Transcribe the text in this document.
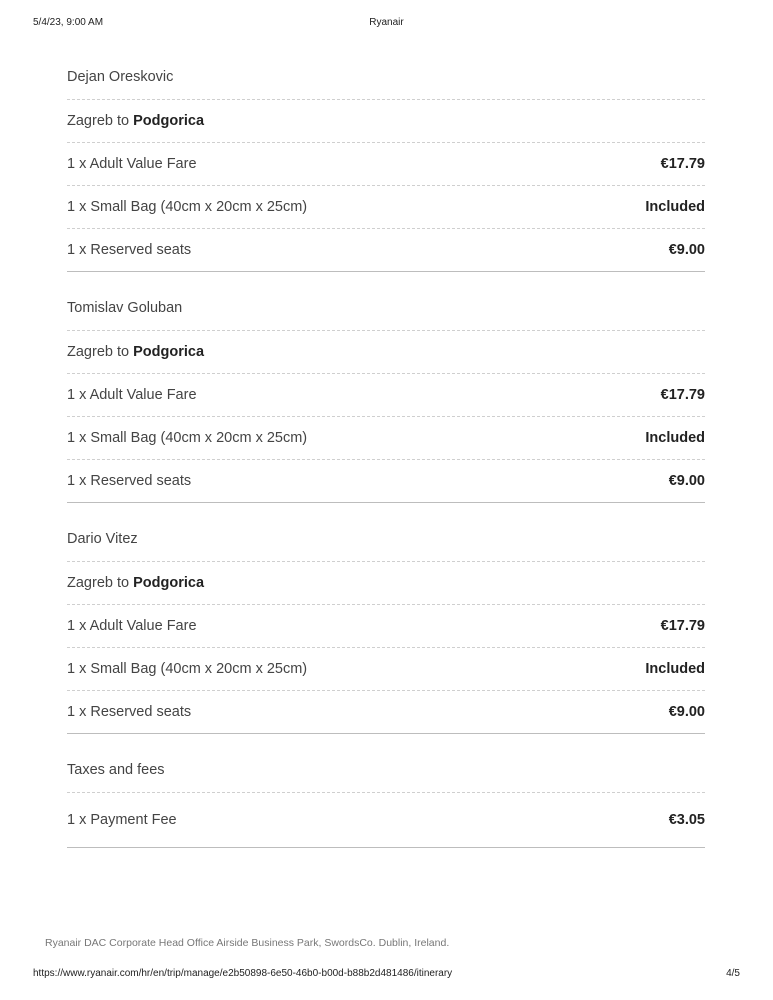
5/4/23, 9:00 AM	Ryanair
Dejan Oreskovic
Zagreb to Podgorica
1 x Adult Value Fare	€17.79
1 x Small Bag (40cm x 20cm x 25cm)	Included
1 x Reserved seats	€9.00
Tomislav Goluban
Zagreb to Podgorica
1 x Adult Value Fare	€17.79
1 x Small Bag (40cm x 20cm x 25cm)	Included
1 x Reserved seats	€9.00
Dario Vitez
Zagreb to Podgorica
1 x Adult Value Fare	€17.79
1 x Small Bag (40cm x 20cm x 25cm)	Included
1 x Reserved seats	€9.00
Taxes and fees
1 x Payment Fee	€3.05
Ryanair DAC Corporate Head Office Airside Business Park, SwordsCo. Dublin, Ireland.
https://www.ryanair.com/hr/en/trip/manage/e2b50898-6e50-46b0-b00d-b88b2d481486/itinerary	4/5
